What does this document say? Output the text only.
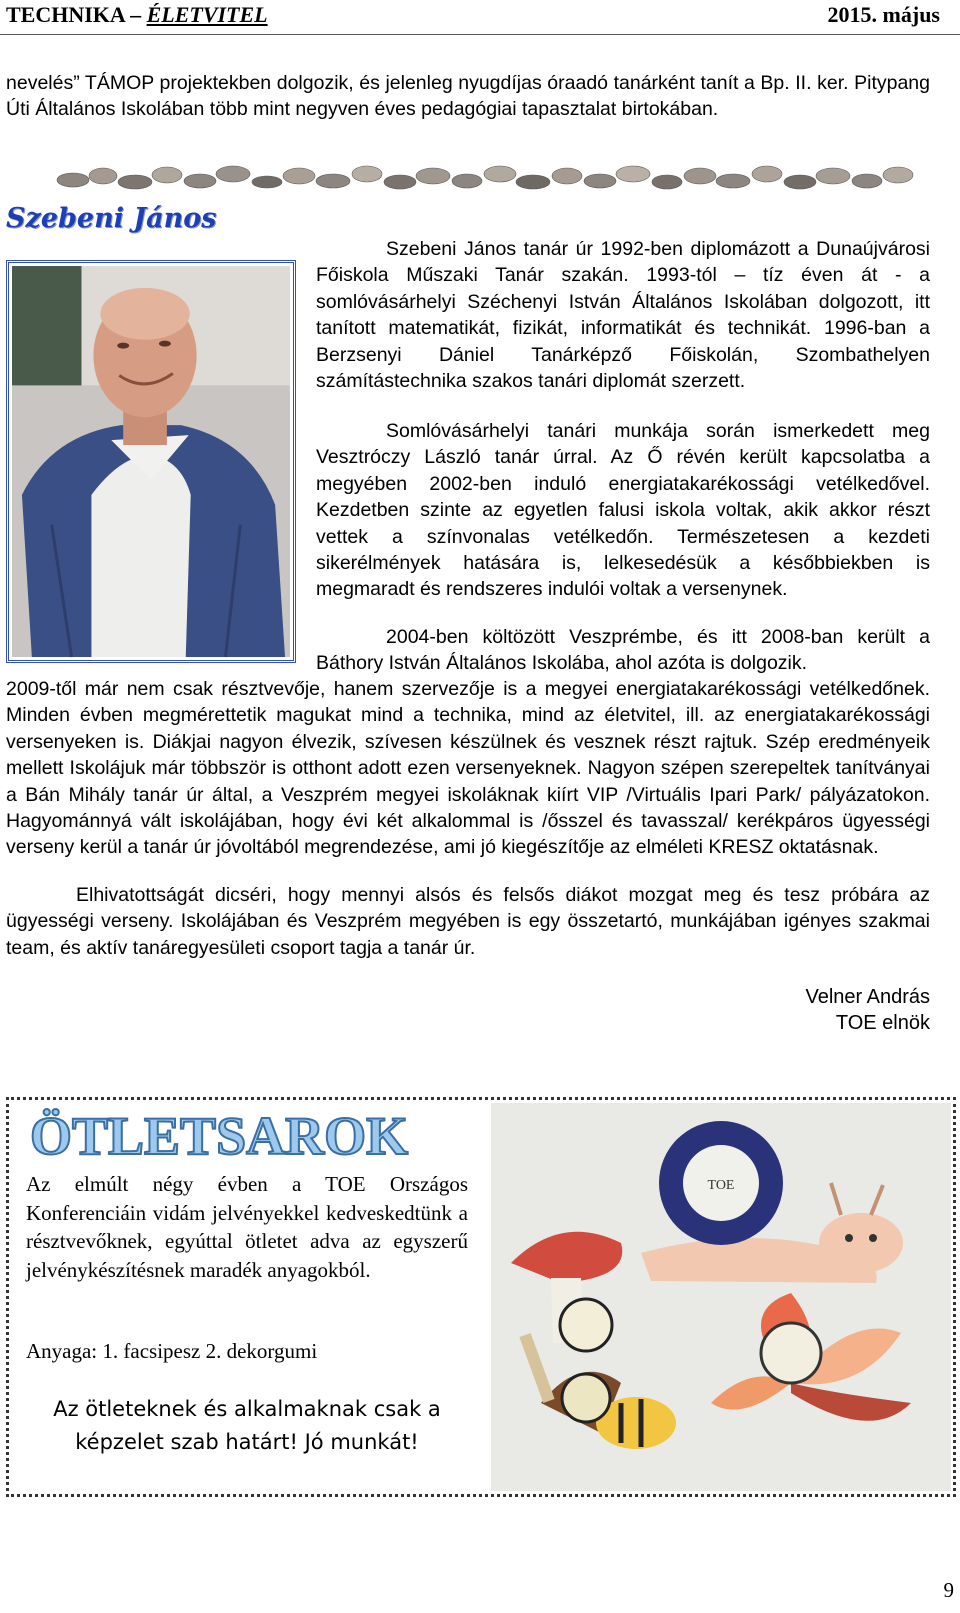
TECHNIKA – ÉLETVITEL	2015. május
nevelés” TÁMOP projektekben dolgozik, és jelenleg nyugdíjas óraadó tanárként tanít a Bp. II. ker. Pitypang Úti Általános Iskolában több mint negyven éves pedagógiai tapasztalat birtokában.
Szebeni János
Szebeni János tanár úr 1992-ben diplomázott a Dunaújvárosi Főiskola Műszaki Tanár szakán. 1993-tól – tíz éven át - a somlóvásárhelyi Széchenyi István Általános Iskolában dolgozott, itt tanított matematikát, fizikát, informatikát és technikát. 1996-ban a Berzsenyi Dániel Tanárképző Főiskolán, Szombathelyen számítástechnika szakos tanári diplomát szerzett.
Somlóvásárhelyi tanári munkája során ismerkedett meg Vesztróczy László tanár úrral. Az Ő révén került kapcsolatba a megyében 2002-ben induló energiatakarékossági vetélkedővel. Kezdetben szinte az egyetlen falusi iskola voltak, akik akkor részt vettek a színvonalas vetélkedőn. Természetesen a kezdeti sikerélmények hatására is, lelkesedésük a későbbiekben is megmaradt és rendszeres indulói voltak a versenynek.
2004-ben költözött Veszprémbe, és itt 2008-ban került a Báthory István Általános Iskolába, ahol azóta is dolgozik.
2009-től már nem csak résztvevője, hanem szervezője is a megyei energiatakarékossági vetélkedőnek. Minden évben megmérettetik magukat mind a technika, mind az életvitel, ill. az energiatakarékossági versenyeken is. Diákjai nagyon élvezik, szívesen készülnek és vesznek részt rajtuk. Szép eredményeik mellett Iskolájuk már többször is otthont adott ezen versenyeknek. Nagyon szépen szerepeltek tanítványai a Bán Mihály tanár úr által, a Veszprém megyei iskoláknak kiírt VIP /Virtuális Ipari Park/ pályázatokon. Hagyománnyá vált iskolájában, hogy évi két alkalommal is /ősszel és tavasszal/ kerékpáros ügyességi verseny kerül a tanár úr jóvoltából megrendezése, ami jó kiegészítője az elméleti KRESZ oktatásnak.
Elhivatottságát dicséri, hogy mennyi alsós és felsős diákot mozgat meg és tesz próbára az ügyességi verseny. Iskolájában és Veszprém megyében is egy összetartó, munkájában igényes szakmai team, és aktív tanáregyesületi csoport tagja a tanár úr.
Velner András
TOE elnök
ÖTLETSAROK
Az elmúlt négy évben a TOE Országos Konferenciáin vidám jelvényekkel kedveskedtünk a résztvevőknek, egyúttal ötletet adva az egyszerű jelvénykészítésnek maradék anyagokból.
Anyaga: 1. facsipesz 2. dekorgumi
Az ötleteknek és alkalmaknak csak a képzelet szab határt! Jó munkát!
TOE
9
